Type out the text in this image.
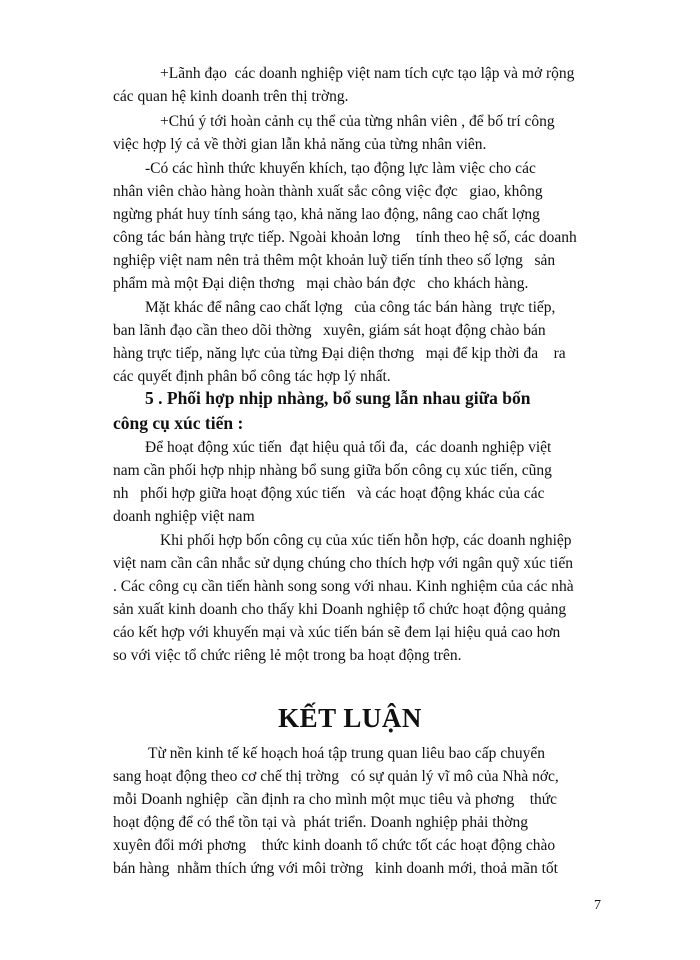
+Lãnh đạo  các doanh nghiệp việt nam tích cực tạo lập và mở rộng
các quan hệ kinh doanh trên thị trờng.
+Chú ý tới hoàn cảnh cụ thể của từng nhân viên , để bố trí công
việc hợp lý cả về thời gian lẫn khả năng của từng nhân viên.
-Có các hình thức khuyến khích, tạo động lực làm việc cho các
nhân viên chào hàng hoàn thành xuất sắc công việc đợc   giao, không
ngừng phát huy tính sáng tạo, khả năng lao động, nâng cao chất lợng
công tác bán hàng trực tiếp. Ngoài khoản lơng    tính theo hệ số, các doanh
nghiệp việt nam nên trả thêm một khoản luỹ tiến tính theo số lợng   sản
phẩm mà một Đại diện thơng   mại chào bán đợc   cho khách hàng.
Mặt khác để nâng cao chất lợng   của công tác bán hàng  trực tiếp,
ban lãnh đạo cần theo dõi thờng   xuyên, giám sát hoạt động chào bán
hàng trực tiếp, năng lực của từng Đại diện thơng   mại để kịp thời đa    ra
các quyết định phân bổ công tác hợp lý nhất.
5 . Phối hợp nhịp nhàng, bổ sung lẫn nhau giữa bốn
công cụ xúc tiến :
Để hoạt động xúc tiến  đạt hiệu quả tối đa,  các doanh nghiệp việt
nam cần phối hợp nhịp nhàng bổ sung giữa bốn công cụ xúc tiến, cũng
nh   phối hợp giữa hoạt động xúc tiến   và các hoạt động khác của các
doanh nghiệp việt nam
Khi phối hợp bốn công cụ của xúc tiến hỗn hợp, các doanh nghiệp
việt nam cần cân nhắc sử dụng chúng cho thích hợp với ngân quỹ xúc tiến
. Các công cụ cần tiến hành song song với nhau. Kinh nghiệm của các nhà
sản xuất kinh doanh cho thấy khi Doanh nghiệp tổ chức hoạt động quảng
cáo kết hợp với khuyến mại và xúc tiến bán sẽ đem lại hiệu quả cao hơn
so với việc tổ chức riêng lẻ một trong ba hoạt động trên.
KẾT LUẬN
Từ nền kinh tế kế hoạch hoá tập trung quan liêu bao cấp chuyển
sang hoạt động theo cơ chế thị trờng   có sự quản lý vĩ mô của Nhà nớc,
mỗi Doanh nghiệp  cần định ra cho mình một mục tiêu và phơng    thức
hoạt động để có thể tồn tại và  phát triển. Doanh nghiệp phải thờng
xuyên đổi mới phơng    thức kinh doanh tổ chức tốt các hoạt động chào
bán hàng  nhằm thích ứng với môi trờng   kinh doanh mới, thoả mãn tốt
7
